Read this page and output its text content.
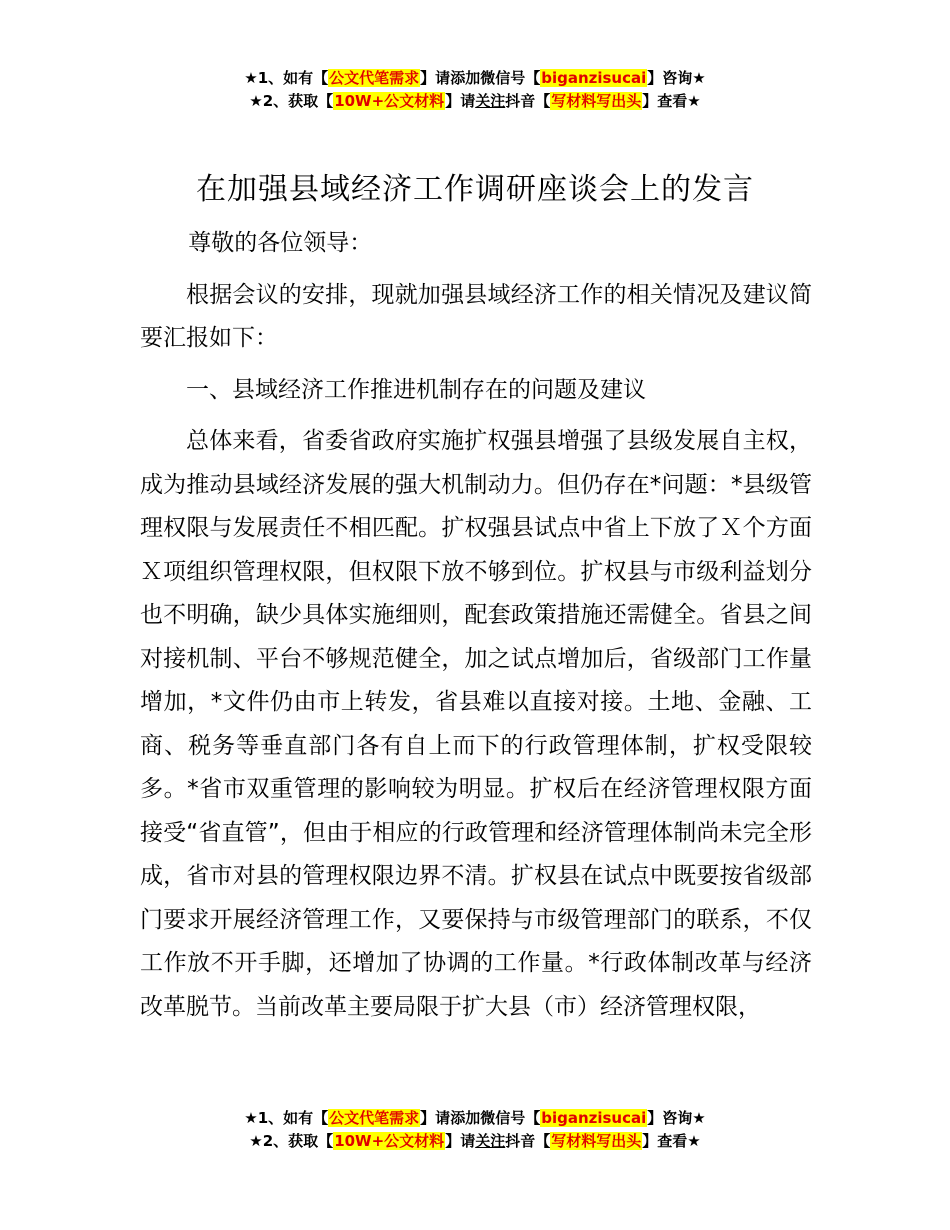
★1、如有【公文代笔需求】请添加微信号【biganzisucai】咨询★
★2、获取【10W+公文材料】请关注抖音【写材料写出头】查看★
在加强县域经济工作调研座谈会上的发言

尊敬的各位领导：

根据会议的安排，现就加强县域经济工作的相关情况及建议简要汇报如下：

一、县域经济工作推进机制存在的问题及建议

总体来看，省委省政府实施扩权强县增强了县级发展自主权，成为推动县域经济发展的强大机制动力。但仍存在*问题：*县级管理权限与发展责任不相匹配。扩权强县试点中省上下放了Ｘ个方面Ｘ项组织管理权限，但权限下放不够到位。扩权县与市级利益划分也不明确，缺少具体实施细则，配套政策措施还需健全。省县之间对接机制、平台不够规范健全，加之试点增加后，省级部门工作量增加，*文件仍由市上转发，省县难以直接对接。土地、金融、工商、税务等垂直部门各有自上而下的行政管理体制，扩权受限较多。*省市双重管理的影响较为明显。扩权后在经济管理权限方面接受“省直管”，但由于相应的行政管理和经济管理体制尚未完全形成，省市对县的管理权限边界不清。扩权县在试点中既要按省级部门要求开展经济管理工作，又要保持与市级管理部门的联系，不仅工作放不开手脚，还增加了协调的工作量。*行政体制改革与经济改革脱节。当前改革主要局限于扩大县（市）经济管理权限，

★1、如有【公文代笔需求】请添加微信号【biganzisucai】咨询★
★2、获取【10W+公文材料】请关注抖音【写材料写出头】查看★
